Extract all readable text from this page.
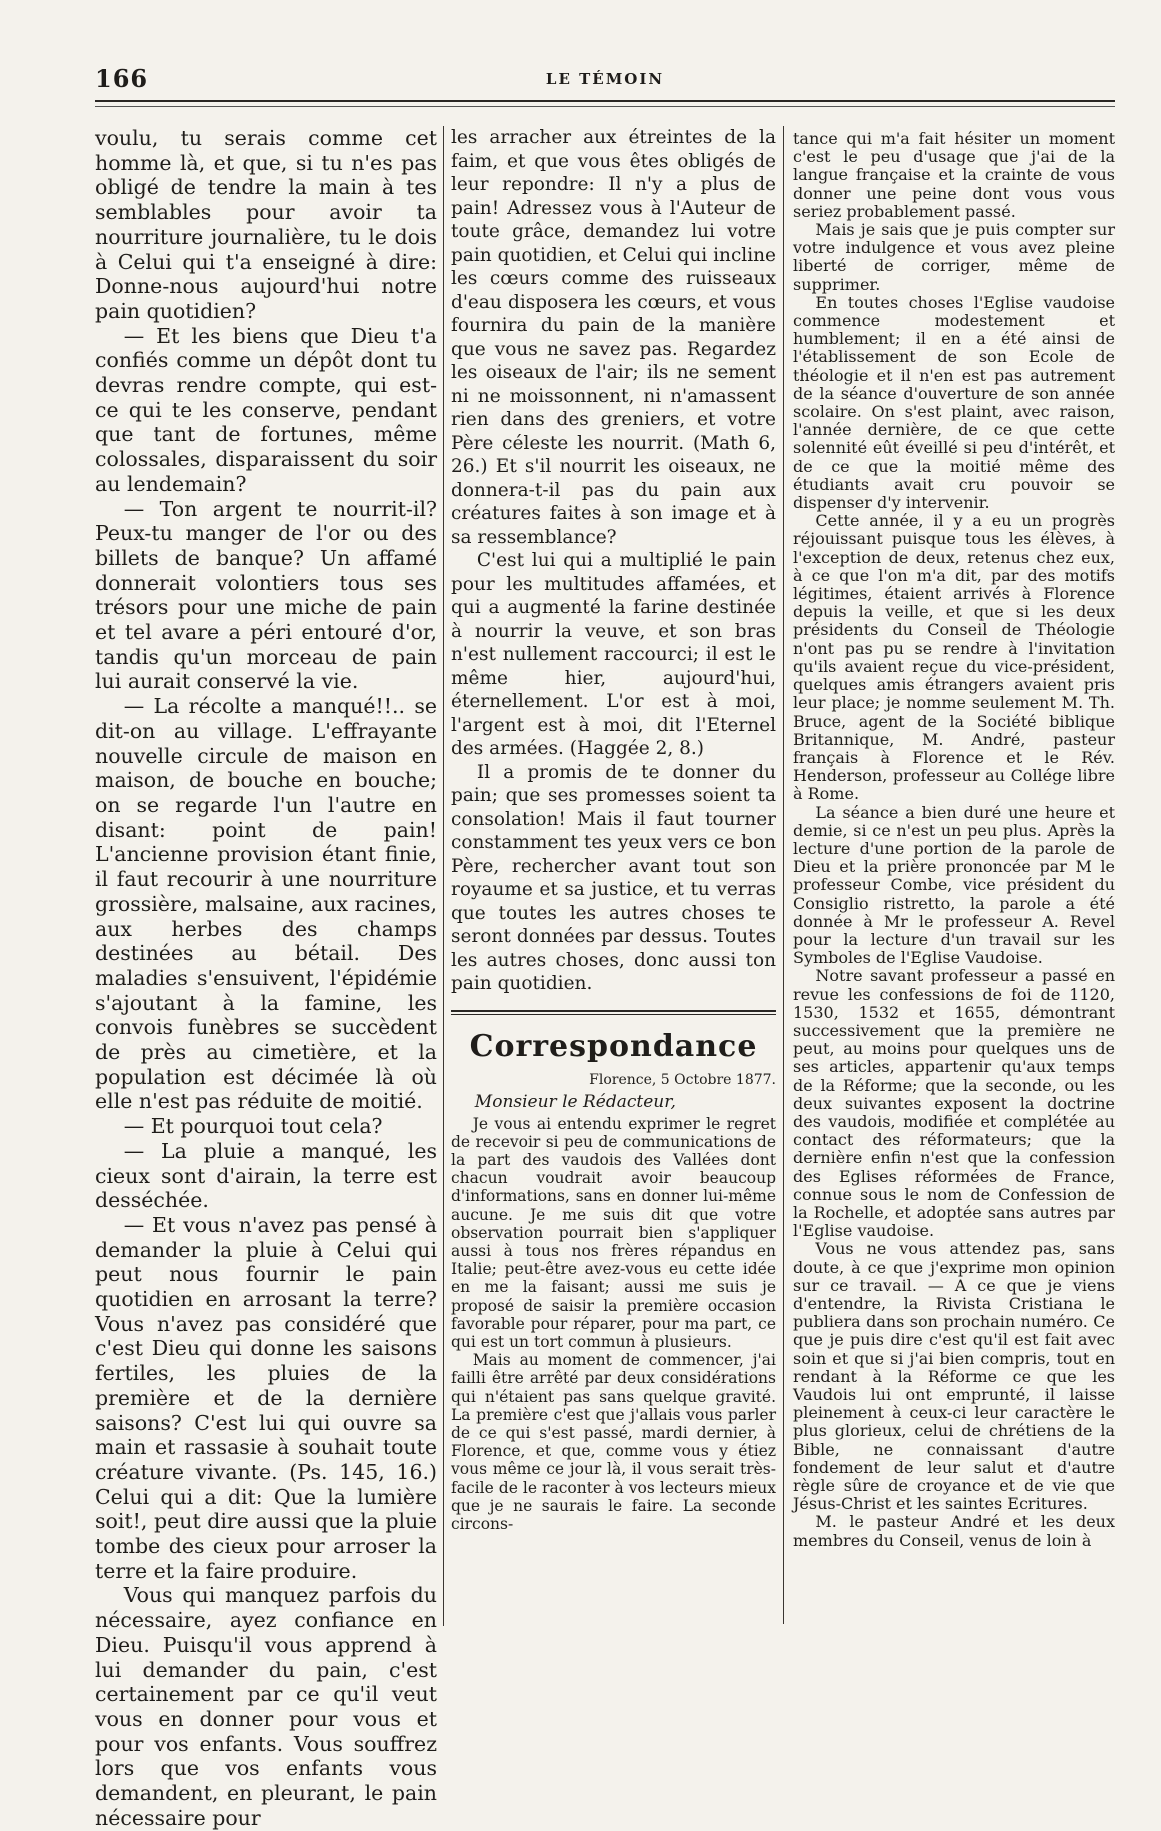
166	LE TÉMOIN

voulu, tu serais comme cet homme là, et que, si tu n'es pas obligé de tendre la main à tes semblables pour avoir ta nourriture journalière, tu le dois à Celui qui t'a enseigné à dire: Donne-nous aujourd'hui notre pain quotidien?

— Et les biens que Dieu t'a confiés comme un dépôt dont tu devras rendre compte, qui est-ce qui te les conserve, pendant que tant de fortunes, même colossales, disparaissent du soir au lendemain?

— Ton argent te nourrit-il? Peux-tu manger de l'or ou des billets de banque? Un affamé donnerait volontiers tous ses trésors pour une miche de pain et tel avare a péri entouré d'or, tandis qu'un morceau de pain lui aurait conservé la vie.

— La récolte a manqué!!.. se dit-on au village. L'effrayante nouvelle circule de maison en maison, de bouche en bouche; on se regarde l'un l'autre en disant: point de pain! L'ancienne provision étant finie, il faut recourir à une nourriture grossière, malsaine, aux racines, aux herbes des champs destinées au bétail. Des maladies s'ensuivent, l'épidémie s'ajoutant à la famine, les convois funèbres se succèdent de près au cimetière, et la population est décimée là où elle n'est pas réduite de moitié.

— Et pourquoi tout cela?

— La pluie a manqué, les cieux sont d'airain, la terre est desséchée.

— Et vous n'avez pas pensé à demander la pluie à Celui qui peut nous fournir le pain quotidien en arrosant la terre? Vous n'avez pas considéré que c'est Dieu qui donne les saisons fertiles, les pluies de la première et de la dernière saisons? C'est lui qui ouvre sa main et rassasie à souhait toute créature vivante. (Ps. 145, 16.) Celui qui a dit: Que la lumière soit!, peut dire aussi que la pluie tombe des cieux pour arroser la terre et la faire produire.

Vous qui manquez parfois du nécessaire, ayez confiance en Dieu. Puisqu'il vous apprend à lui demander du pain, c'est certainement par ce qu'il veut vous en donner pour vous et pour vos enfants. Vous souffrez lors que vos enfants vous demandent, en pleurant, le pain nécessaire pour

les arracher aux étreintes de la faim, et que vous êtes obligés de leur repondre: Il n'y a plus de pain! Adressez vous à l'Auteur de toute grâce, demandez lui votre pain quotidien, et Celui qui incline les cœurs comme des ruisseaux d'eau disposera les cœurs, et vous fournira du pain de la manière que vous ne savez pas. Regardez les oiseaux de l'air; ils ne sement ni ne moissonnent, ni n'amassent rien dans des greniers, et votre Père céleste les nourrit. (Math 6, 26.) Et s'il nourrit les oiseaux, ne donnera-t-il pas du pain aux créatures faites à son image et à sa ressemblance?

C'est lui qui a multiplié le pain pour les multitudes affamées, et qui a augmenté la farine destinée à nourrir la veuve, et son bras n'est nullement raccourci; il est le même hier, aujourd'hui, éternellement. L'or est à moi, l'argent est à moi, dit l'Eternel des armées. (Haggée 2, 8.)

Il a promis de te donner du pain; que ses promesses soient ta consolation! Mais il faut tourner constamment tes yeux vers ce bon Père, rechercher avant tout son royaume et sa justice, et tu verras que toutes les autres choses te seront données par dessus. Toutes les autres choses, donc aussi ton pain quotidien.

Correspondance
Florence, 5 Octobre 1877.
Monsieur le Rédacteur,

Je vous ai entendu exprimer le regret de recevoir si peu de communications de la part des vaudois des Vallées dont chacun voudrait avoir beaucoup d'informations, sans en donner lui-même aucune. Je me suis dit que votre observation pourrait bien s'appliquer aussi à tous nos frères répandus en Italie; peut-être avez-vous eu cette idée en me la faisant; aussi me suis je proposé de saisir la première occasion favorable pour réparer, pour ma part, ce qui est un tort commun à plusieurs.

Mais au moment de commencer, j'ai failli être arrêté par deux considérations qui n'étaient pas sans quelque gravité. La première c'est que j'allais vous parler de ce qui s'est passé, mardi dernier, à Florence, et que, comme vous y étiez vous même ce jour là, il vous serait très-facile de le raconter à vos lecteurs mieux que je ne saurais le faire. La seconde circons-

tance qui m'a fait hésiter un moment c'est le peu d'usage que j'ai de la langue française et la crainte de vous donner une peine dont vous vous seriez probablement passé.

Mais je sais que je puis compter sur votre indulgence et vous avez pleine liberté de corriger, même de supprimer.

En toutes choses l'Eglise vaudoise commence modestement et humblement; il en a été ainsi de l'établissement de son Ecole de théologie et il n'en est pas autrement de la séance d'ouverture de son année scolaire. On s'est plaint, avec raison, l'année dernière, de ce que cette solennité eût éveillé si peu d'intérêt, et de ce que la moitié même des étudiants avait cru pouvoir se dispenser d'y intervenir.

Cette année, il y a eu un progrès réjouissant puisque tous les élèves, à l'exception de deux, retenus chez eux, à ce que l'on m'a dit, par des motifs légitimes, étaient arrivés à Florence depuis la veille, et que si les deux présidents du Conseil de Théologie n'ont pas pu se rendre à l'invitation qu'ils avaient reçue du vice-président, quelques amis étrangers avaient pris leur place; je nomme seulement M. Th. Bruce, agent de la Société biblique Britannique, M. André, pasteur français à Florence et le Rév. Henderson, professeur au Collége libre à Rome.

La séance a bien duré une heure et demie, si ce n'est un peu plus. Après la lecture d'une portion de la parole de Dieu et la prière prononcée par M le professeur Combe, vice président du Consiglio ristretto, la parole a été donnée à Mr le professeur A. Revel pour la lecture d'un travail sur les Symboles de l'Eglise Vaudoise.

Notre savant professeur a passé en revue les confessions de foi de 1120, 1530, 1532 et 1655, démontrant successivement que la première ne peut, au moins pour quelques uns de ses articles, appartenir qu'aux temps de la Réforme; que la seconde, ou les deux suivantes exposent la doctrine des vaudois, modifiée et complétée au contact des réformateurs; que la dernière enfin n'est que la confession des Eglises réformées de France, connue sous le nom de Confession de la Rochelle, et adoptée sans autres par l'Eglise vaudoise.

Vous ne vous attendez pas, sans doute, à ce que j'exprime mon opinion sur ce travail. — A ce que je viens d'entendre, la Rivista Cristiana le publiera dans son prochain numéro. Ce que je puis dire c'est qu'il est fait avec soin et que si j'ai bien compris, tout en rendant à la Réforme ce que les Vaudois lui ont emprunté, il laisse pleinement à ceux-ci leur caractère le plus glorieux, celui de chrétiens de la Bible, ne connaissant d'autre fondement de leur salut et d'autre règle sûre de croyance et de vie que Jésus-Christ et les saintes Ecritures.

M. le pasteur André et les deux membres du Conseil, venus de loin à
